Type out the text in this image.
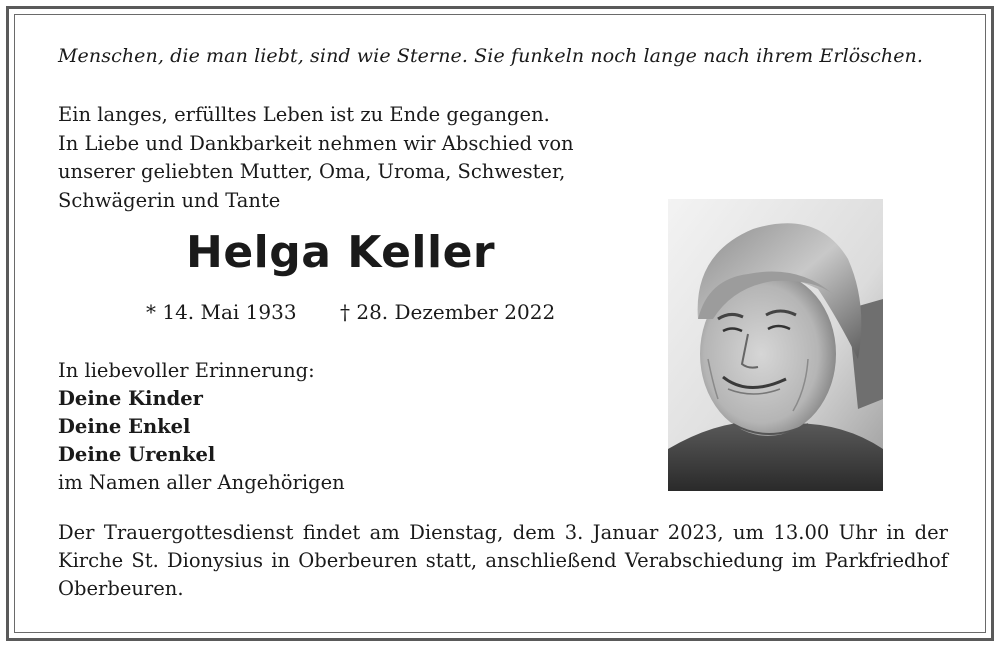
Menschen, die man liebt, sind wie Sterne. Sie funkeln noch lange nach ihrem Erlöschen.
Ein langes, erfülltes Leben ist zu Ende gegangen.
In Liebe und Dankbarkeit nehmen wir Abschied von
unserer geliebten Mutter, Oma, Uroma, Schwester,
Schwägerin und Tante
Helga Keller
* 14. Mai 1933 † 28. Dezember 2022
In liebevoller Erinnerung:
Deine Kinder
Deine Enkel
Deine Urenkel
im Namen aller Angehörigen
Der Trauergottesdienst findet am Dienstag, dem 3. Januar 2023, um 13.00 Uhr in der Kirche St. Dionysius in Oberbeuren statt, anschließend Verabschiedung im Parkfriedhof Oberbeuren.
